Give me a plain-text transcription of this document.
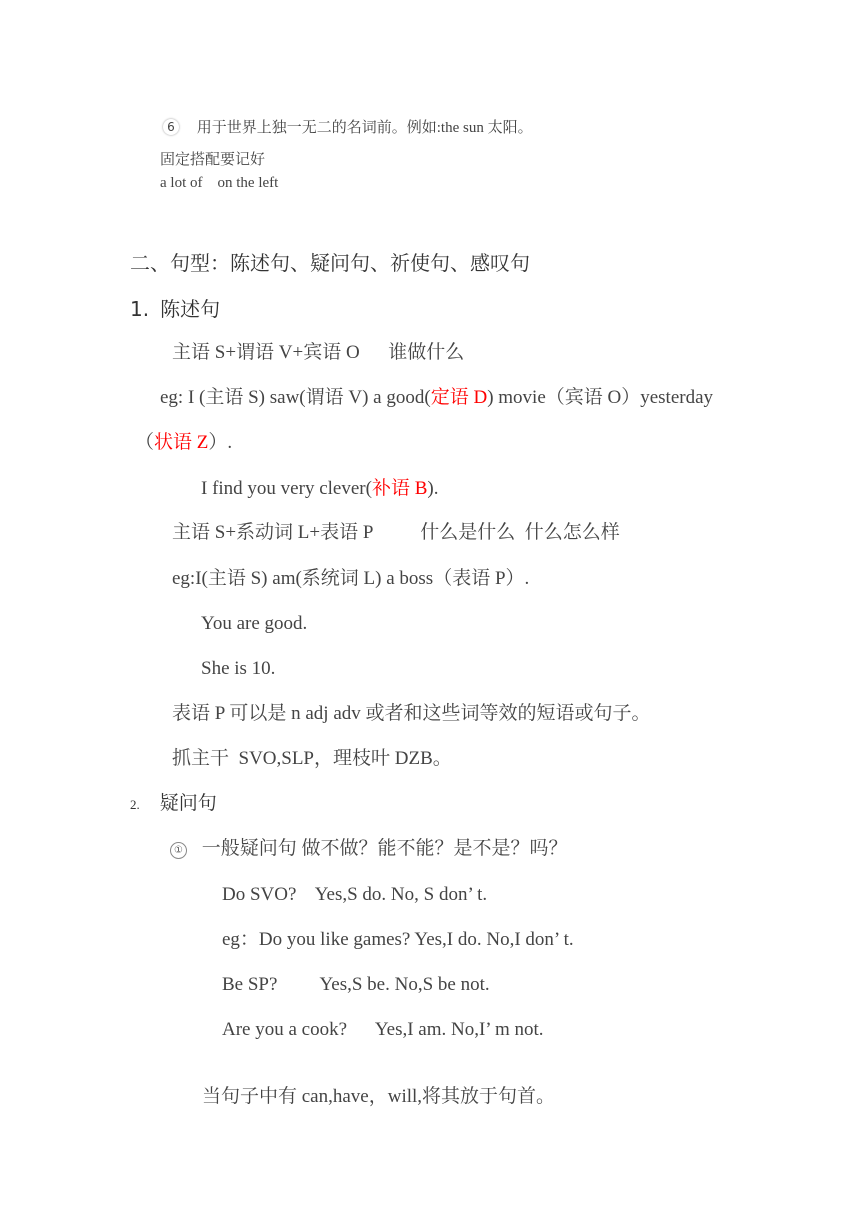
6 用于世界上独一无二的名词前。例如:the sun 太阳。
固定搭配要记好
a lot of    on the left
二、句型：陈述句、疑问句、祈使句、感叹句
1. 陈述句
主语 S+谓语 V+宾语 O      谁做什么
eg: I (主语 S) saw(谓语 V) a good(定语 D) movie（宾语 O）yesterday
（状语 Z）.
I find you very clever(补语 B).
主语 S+系动词 L+表语 P          什么是什么  什么怎么样
eg:I(主语 S) am(系统词 L) a boss（表语 P）.
You are good.
She is 10.
表语 P 可以是 n adj adv 或者和这些词等效的短语或句子。
抓主干  SVO,SLP，理枝叶 DZB。
2. 疑问句
① 一般疑问句 做不做？能不能？是不是？吗？
Do SVO?    Yes,S do. No, S don’ t.
eg：Do you like games? Yes,I do. No,I don’ t.
Be SP?         Yes,S be. No,S be not.
Are you a cook?      Yes,I am. No,I’ m not.
当句子中有 can,have，will,将其放于句首。
